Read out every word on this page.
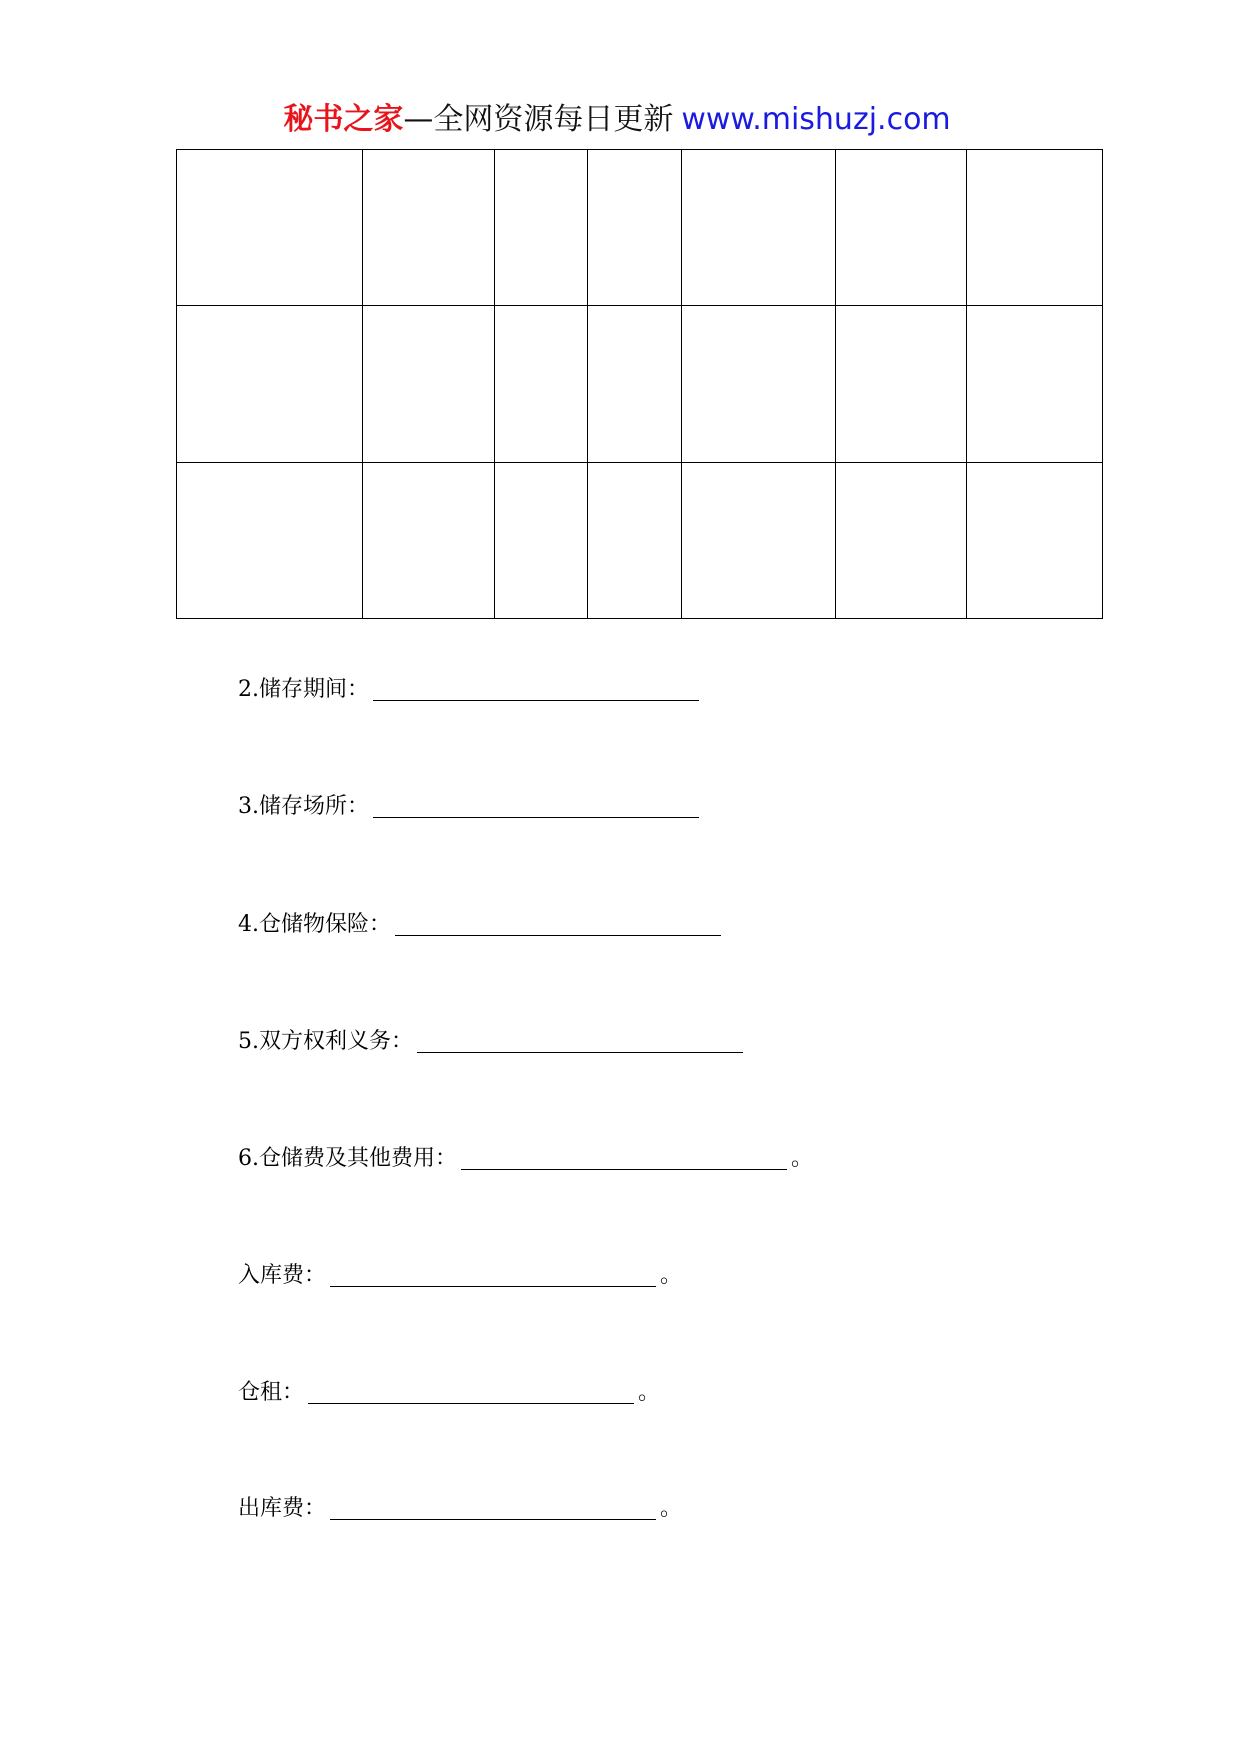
秘书之家—全网资源每日更新 www.mishuzj.com

2.储存期间：
3.储存场所：
4.仓储物保险：
5.双方权利义务：
6.仓储费及其他费用：	。
入库费：	。
仓租：	。
出库费：	。
